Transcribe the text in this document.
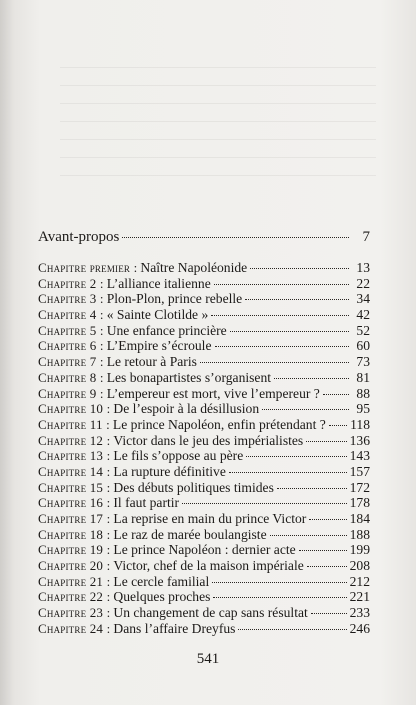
Avant-propos	7
Chapitre premier : Naître Napoléonide	13
Chapitre 2 : L’alliance italienne	22
Chapitre 3 : Plon-Plon, prince rebelle	34
Chapitre 4 : « Sainte Clotilde »	42
Chapitre 5 : Une enfance princière	52
Chapitre 6 : L’Empire s’écroule	60
Chapitre 7 : Le retour à Paris	73
Chapitre 8 : Les bonapartistes s’organisent	81
Chapitre 9 : L’empereur est mort, vive l’empereur ?	88
Chapitre 10 : De l’espoir à la désillusion	95
Chapitre 11 : Le prince Napoléon, enfin prétendant ? 118
Chapitre 12 : Victor dans le jeu des impérialistes	136
Chapitre 13 : Le fils s’oppose au père	143
Chapitre 14 : La rupture définitive	157
Chapitre 15 : Des débuts politiques timides	172
Chapitre 16 : Il faut partir	178
Chapitre 17 : La reprise en main du prince Victor	184
Chapitre 18 : Le raz de marée boulangiste	188
Chapitre 19 : Le prince Napoléon : dernier acte	199
Chapitre 20 : Victor, chef de la maison impériale	208
Chapitre 21 : Le cercle familial	212
Chapitre 22 : Quelques proches	221
Chapitre 23 : Un changement de cap sans résultat	233
Chapitre 24 : Dans l’affaire Dreyfus	246
541
